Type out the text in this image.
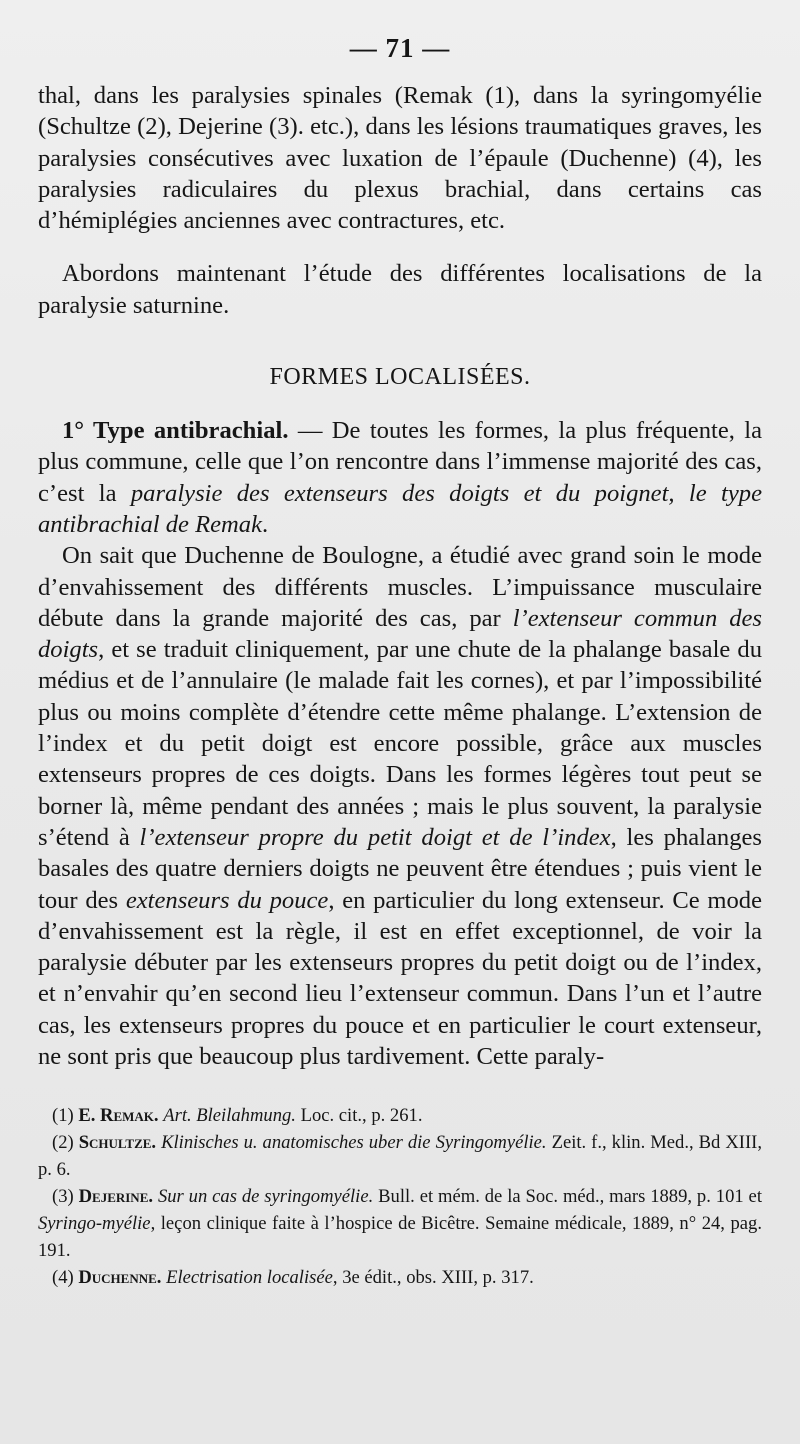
— 71 —

thal, dans les paralysies spinales (Remak (1), dans la syringomyélie (Schultze (2), Dejerine (3). etc.), dans les lésions traumatiques graves, les paralysies consécutives avec luxation de l’épaule (Duchenne) (4), les paralysies radiculaires du plexus brachial, dans certains cas d’hémiplégies anciennes avec contractures, etc.

Abordons maintenant l’étude des différentes localisations de la paralysie saturnine.

FORMES LOCALISÉES.

1° Type antibrachial. — De toutes les formes, la plus fréquente, la plus commune, celle que l’on rencontre dans l’immense majorité des cas, c’est la paralysie des extenseurs des doigts et du poignet, le type antibrachial de Remak.

On sait que Duchenne de Boulogne, a étudié avec grand soin le mode d’envahissement des différents muscles. L’impuissance musculaire débute dans la grande majorité des cas, par l’extenseur commun des doigts, et se traduit cliniquement, par une chute de la phalange basale du médius et de l’annulaire (le malade fait les cornes), et par l’impossibilité plus ou moins complète d’étendre cette même phalange. L’extension de l’index et du petit doigt est encore possible, grâce aux muscles extenseurs propres de ces doigts. Dans les formes légères tout peut se borner là, même pendant des années ; mais le plus souvent, la paralysie s’étend à l’extenseur propre du petit doigt et de l’index, les phalanges basales des quatre derniers doigts ne peuvent être étendues ; puis vient le tour des extenseurs du pouce, en particulier du long extenseur. Ce mode d’envahissement est la règle, il est en effet exceptionnel, de voir la paralysie débuter par les extenseurs propres du petit doigt ou de l’index, et n’envahir qu’en second lieu l’extenseur commun. Dans l’un et l’autre cas, les extenseurs propres du pouce et en particulier le court extenseur, ne sont pris que beaucoup plus tardivement. Cette paraly-

(1) E. Remak. Art. Bleilahmung. Loc. cit., p. 261.

(2) Schultze. Klinisches u. anatomisches uber die Syringomyélie. Zeit. f., klin. Med., Bd XIII, p. 6.

(3) Dejerine. Sur un cas de syringomyélie. Bull. et mém. de la Soc. méd., mars 1889, p. 101 et Syringo-myélie, leçon clinique faite à l’hospice de Bicêtre. Semaine médicale, 1889, n° 24, pag. 191.

(4) Duchenne. Electrisation localisée, 3e édit., obs. XIII, p. 317.
